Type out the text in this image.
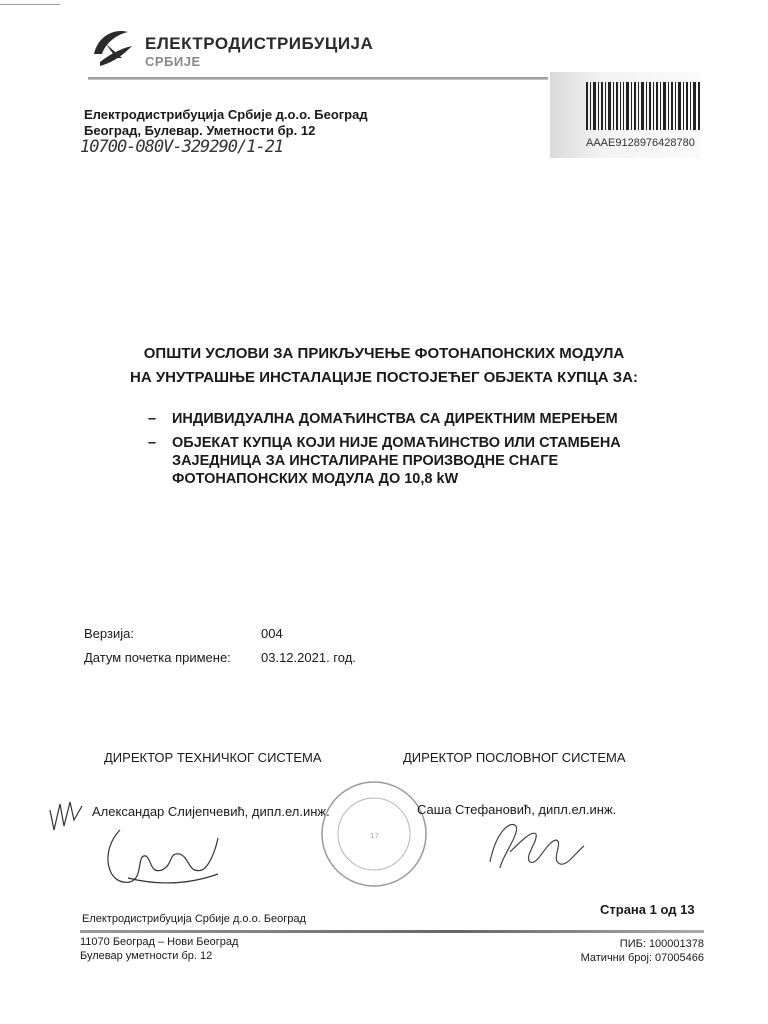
ЕЛЕКТРОДИСТРИБУЦИЈА
СРБИЈЕ
AAAE9128976428780
Електродистрибуција Србије д.о.о. Београд
Београд, Булевар. Уметности бр. 12
10700-080V-329290/1-21
ОПШТИ УСЛОВИ ЗА ПРИКЉУЧЕЊЕ ФОТОНАПОНСКИХ МОДУЛА
НА УНУТРАШЊЕ ИНСТАЛАЦИЈЕ ПОСТОЈЕЋЕГ ОБЈЕКТА КУПЦА ЗА:
–	ИНДИВИДУАЛНА ДОМАЋИНСТВА СА ДИРЕКТНИМ МЕРЕЊЕМ
–	ОБЈЕКАТ КУПЦА КОЈИ НИЈЕ ДОМАЋИНСТВО ИЛИ СТАМБЕНА ЗАЈЕДНИЦА ЗА ИНСТАЛИРАНЕ ПРОИЗВОДНЕ СНАГЕ ФОТОНАПОНСКИХ МОДУЛА ДО 10,8 kW
Верзија:	004
Датум почетка примене:	03.12.2021. год.
ДИРЕКТОР ТЕХНИЧКОГ СИСТЕМА	ДИРЕКТОР ПОСЛОВНОГ СИСТЕМА
Александар Слијепчевић, дипл.ел.инж.
17
Саша Стефановић, дипл.ел.инж.
Страна 1 од 13
Електродистрибуција Србије д.о.о. Београд
11070 Београд – Нови Београд
Булевар уметности бр. 12
ПИБ: 100001378
Матични број: 07005466
